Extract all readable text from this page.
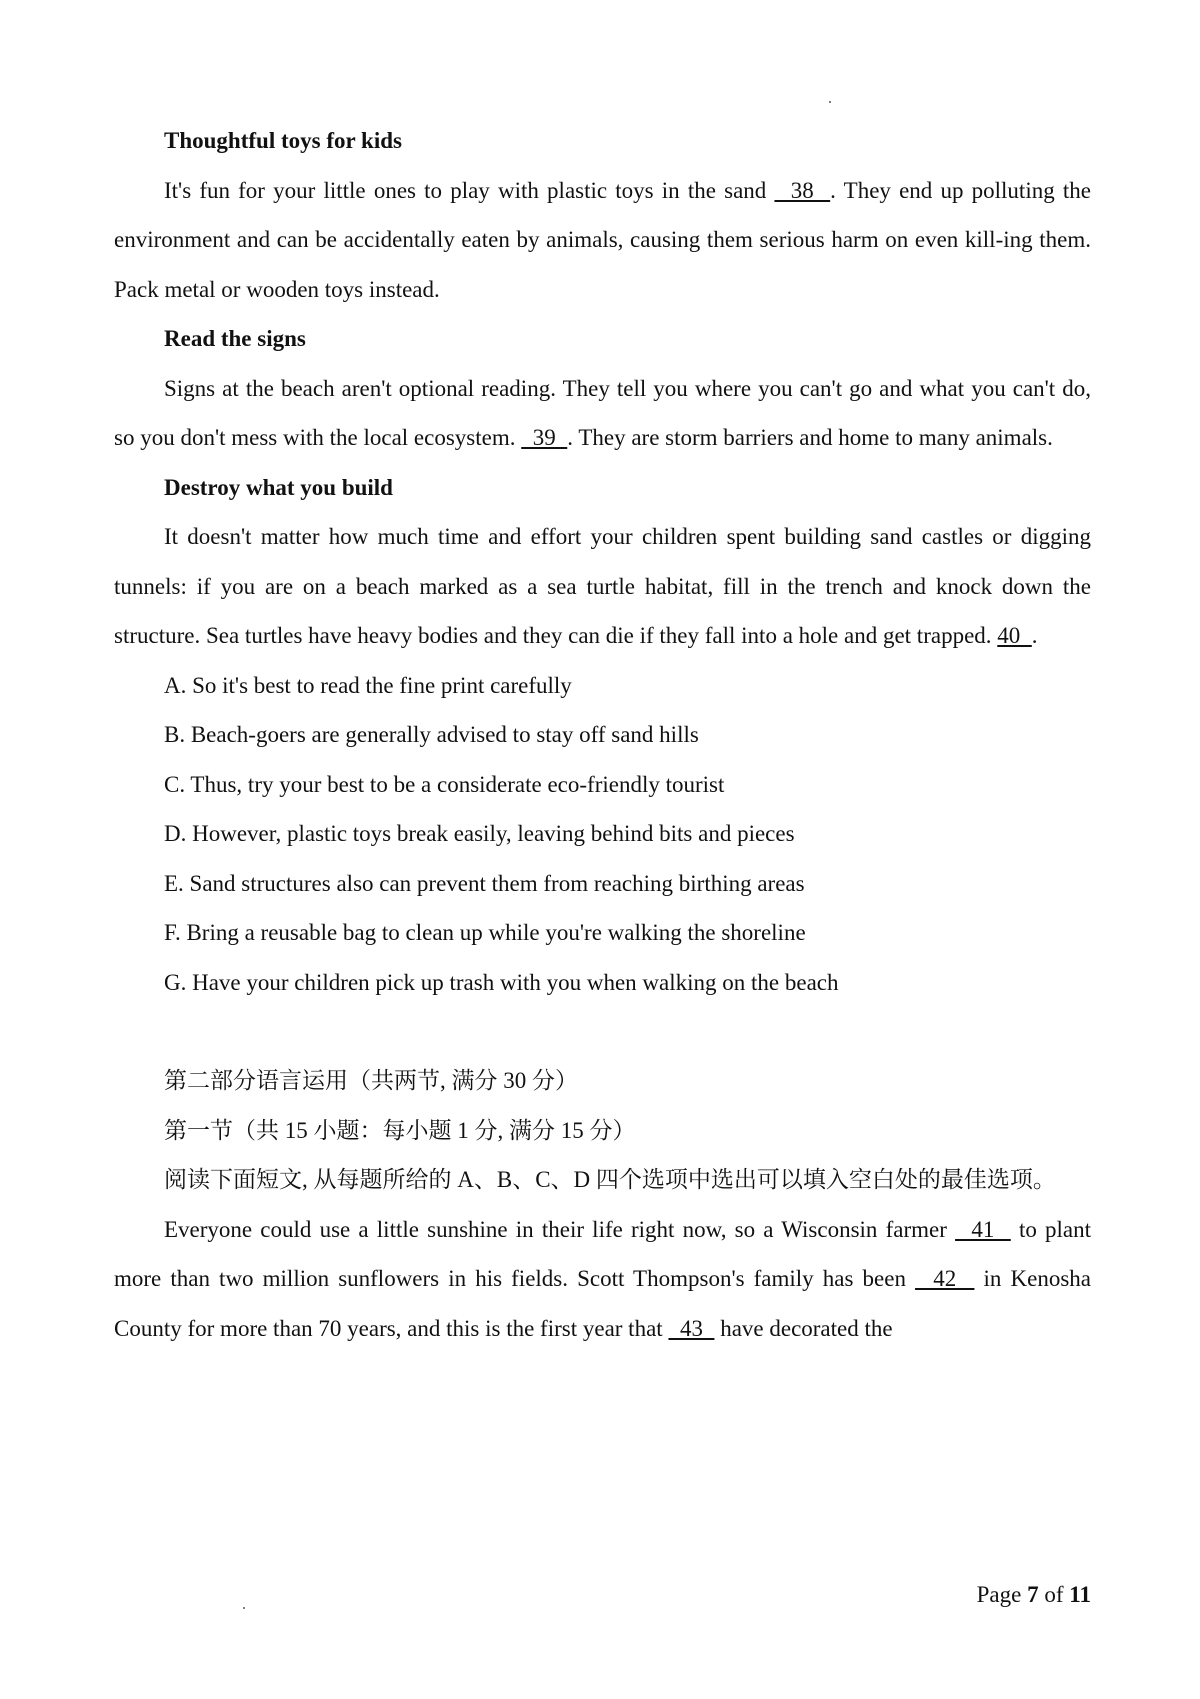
Thoughtful toys for kids
It's fun for your little ones to play with plastic toys in the sand   38  . They end up polluting the environment and can be accidentally eaten by animals, causing them serious harm on even kill-ing them. Pack metal or wooden toys instead.
Read the signs
Signs at the beach aren't optional reading. They tell you where you can't go and what you can't do, so you don't mess with the local ecosystem.   39  . They are storm barriers and home to many animals.
Destroy what you build
It doesn't matter how much time and effort your children spent building sand castles or digging tunnels: if you are on a beach marked as a sea turtle habitat, fill in the trench and knock down the structure. Sea turtles have heavy bodies and they can die if they fall into a hole and get trapped. 40  .
A. So it's best to read the fine print carefully
B. Beach-goers are generally advised to stay off sand hills
C. Thus, try your best to be a considerate eco-friendly tourist
D. However, plastic toys break easily, leaving behind bits and pieces
E. Sand structures also can prevent them from reaching birthing areas
F. Bring a reusable bag to clean up while you're walking the shoreline
G. Have your children pick up trash with you when walking on the beach
第二部分语言运用（共两节, 满分 30 分）
第一节（共 15 小题：每小题 1 分, 满分 15 分）
阅读下面短文, 从每题所给的 A、B、C、D 四个选项中选出可以填入空白处的最佳选项。
Everyone could use a little sunshine in their life right now, so a Wisconsin farmer   41   to plant more than two million sunflowers in his fields. Scott Thompson's family has been   42   in Kenosha County for more than 70 years, and this is the first year that   43   have decorated the
Page 7 of 11
